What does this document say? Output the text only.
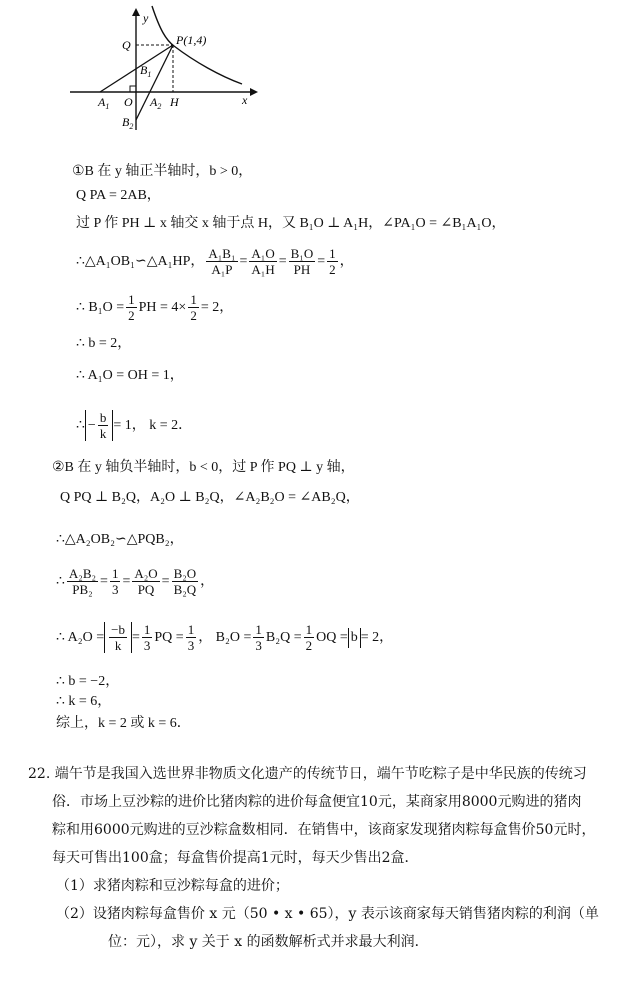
y
x
Q	P(1,4)
$B_1$
$A_1$ O $A_2$ H
$B_2$
①B 在 y 轴正半轴时，b > 0，
Q PA = 2AB，
过 P 作 PH ⊥ x 轴交 x 轴于点 H，又 B₁O ⊥ A₁H，∠PA₁O = ∠B₁A₁O，
∴△A₁OB₁∽△A₁HP， $\frac{\text{A₁B₁}}{\text{A₁P}} = \frac{\text{A₁O}}{\text{A₁H}} = \frac{\text{B₁O}}{PH} = \frac{1}{2}$ ，
∴ $B_1O = \frac{1}{2}$ PH = $4\times \frac{1}{2} = 2$，
∴ b = 2，
∴ A₁O = OH = 1，
∴ − $\frac{b}{k} = 1$， k = 2．
②B 在 y 轴负半轴时，b < 0，过 P 作 PQ ⊥ y 轴，
Q PQ ⊥ B₂Q，A₂O ⊥ B₂Q，∠A₂B₂O = ∠AB₂Q，
∴△A₂OB₂∽△PQB₂，
∴ $\frac{\text{A₂B₂}}{\text{PB₂}} = \frac{1}{3} = \frac{\text{A₂O}}{PQ} = \frac{\text{B₂O}}{\text{B₂Q}}$ ，
∴ $A_2O = \frac{-b}{k} = \frac{1}{3}$ PQ = $\frac{1}{3}$ ， $B_2O = \frac{1}{3} B_2Q = \frac{1}{2}$ OQ = b = 2，
∴ b = −2，
∴ k = 6，
综上，k = 2 或 k = 6．
22. 端午节是我国入选世界非物质文化遗产的传统节日，端午节吃粽子是中华民族的传统习
俗．市场上豆沙粽的进价比猪肉粽的进价每盒便宜10元，某商家用8000元购进的猪肉
粽和用6000元购进的豆沙粽盒数相同．在销售中，该商家发现猪肉粽每盒售价50元时，
每天可售出100盒；每盒售价提高1元时，每天少售出2盒．
（1）求猪肉粽和豆沙粽每盒的进价；
（2）设猪肉粽每盒售价 x 元（50 • x • 65），y 表示该商家每天销售猪肉粽的利润（单
位：元），求 y 关于 x 的函数解析式并求最大利润．
